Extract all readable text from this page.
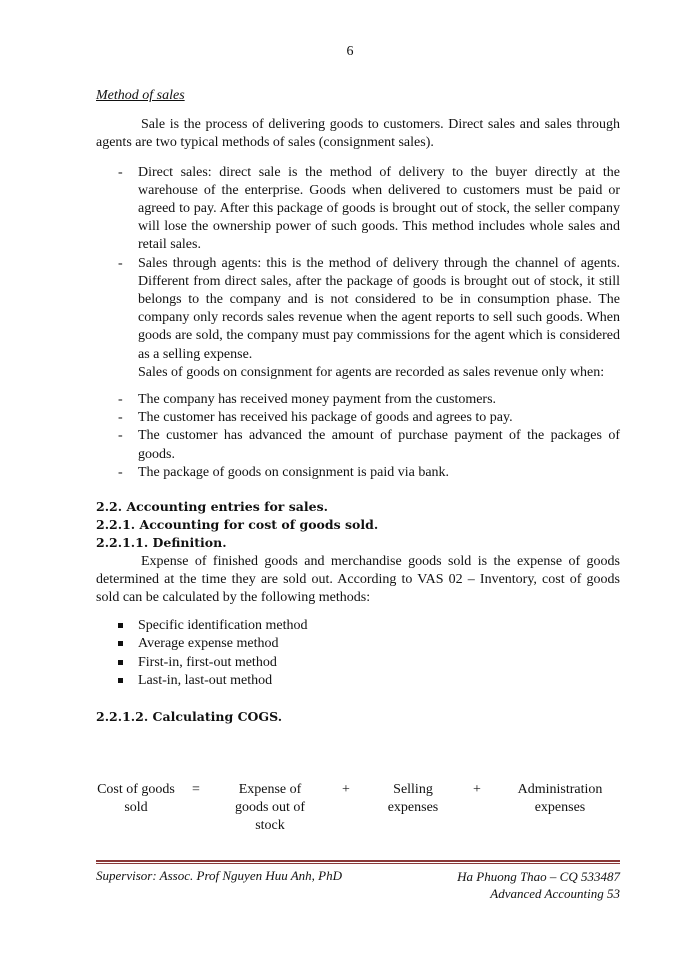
6
Method of sales

Sale is the process of delivering goods to customers. Direct sales and sales through agents are two typical methods of sales (consignment sales).

- Direct sales: direct sale is the method of delivery to the buyer directly at the warehouse of the enterprise. Goods when delivered to customers must be paid or agreed to pay. After this package of goods is brought out of stock, the seller company will lose the ownership power of such goods. This method includes whole sales and retail sales.
- Sales through agents: this is the method of delivery through the channel of agents. Different from direct sales, after the package of goods is brought out of stock, it still belongs to the company and is not considered to be in consumption phase. The company only records sales revenue when the agent reports to sell such goods. When goods are sold, the company must pay commissions for the agent which is considered as a selling expense.

Sales of goods on consignment for agents are recorded as sales revenue only when:

- The company has received money payment from the customers.
- The customer has received his package of goods and agrees to pay.
- The customer has advanced the amount of purchase payment of the packages of goods.
- The package of goods on consignment is paid via bank.
2.2. Accounting entries for sales.
2.2.1. Accounting for cost of goods sold.
2.2.1.1. Definition.

Expense of finished goods and merchandise goods sold is the expense of goods determined at the time they are sold out. According to VAS 02 – Inventory, cost of goods sold can be calculated by the following methods:

Specific identification method
Average expense method
First-in, first-out method
Last-in, last-out method
2.2.1.2. Calculating COGS.
Cost of goods sold
=	Expense of goods out of stock
+	Selling expenses
+	Administration expenses
Supervisor: Assoc. Prof Nguyen Huu Anh, PhD	Ha Phuong Thao – CQ 533487
Advanced Accounting 53
